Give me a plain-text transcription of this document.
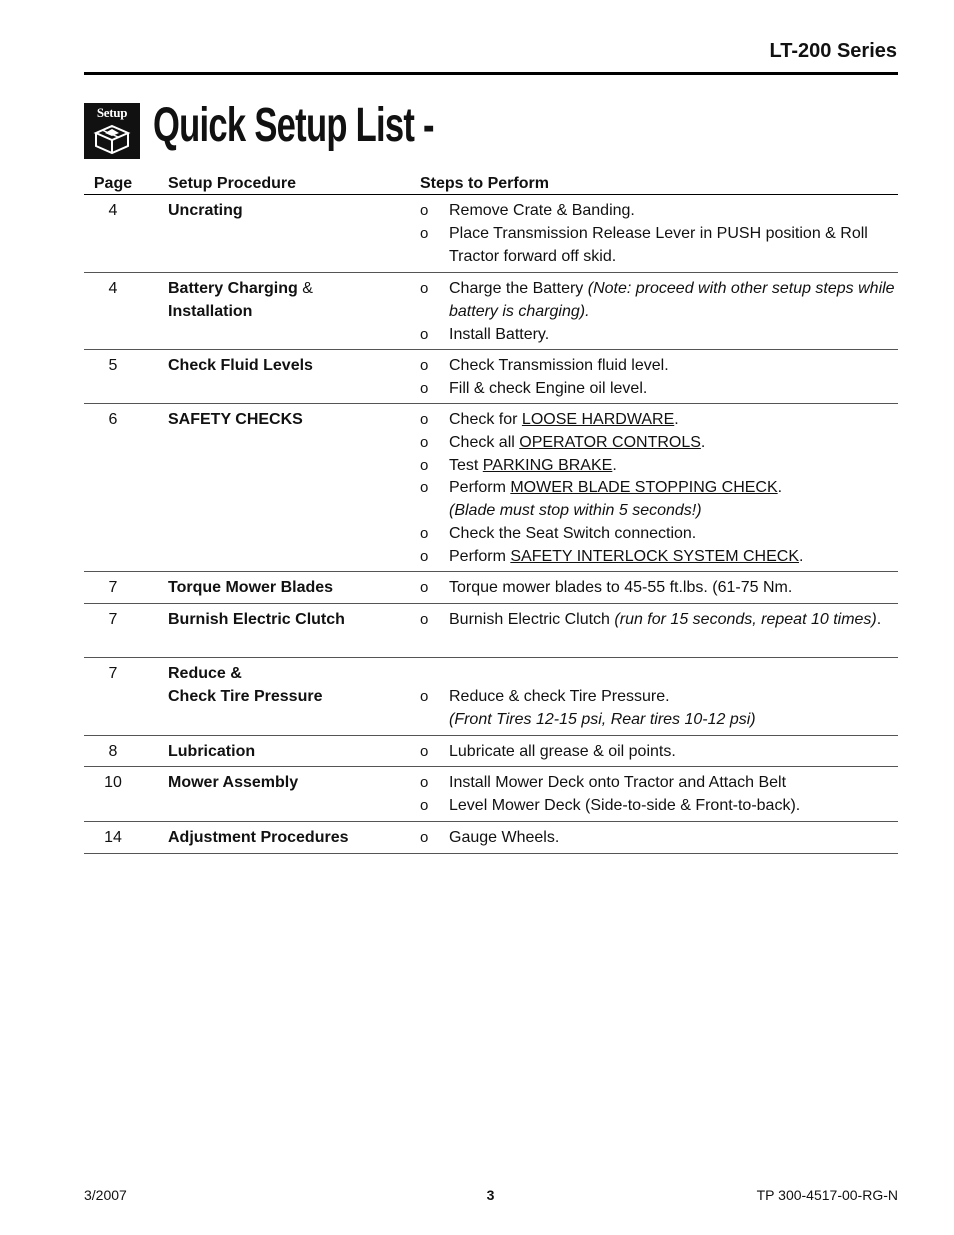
LT-200 Series
Setup Quick Setup List -
Page	Setup Procedure	Steps to Perform
4	Uncrating	o Remove Crate & Banding.
o Place Transmission Release Lever in PUSH position & Roll Tractor forward off skid.
4	Battery Charging &
Installation
o Charge the Battery (Note: proceed with other setup steps while battery is charging).
o Install Battery.
5	Check Fluid Levels	o Check Transmission fluid level.
o Fill & check Engine oil level.
6	SAFETY CHECKS	o Check for LOOSE HARDWARE.
o Check all OPERATOR CONTROLS.
o Test PARKING BRAKE.
o Perform MOWER BLADE STOPPING CHECK.
(Blade must stop within 5 seconds!)
o Check the Seat Switch connection.
o Perform SAFETY INTERLOCK SYSTEM CHECK.
7	Torque Mower Blades	o Torque mower blades to 45-55 ft.lbs. (61-75 Nm.
7	Burnish Electric Clutch	o Burnish Electric Clutch (run for 15 seconds, repeat 10 times).
7	Reduce &
Check Tire Pressure	o Reduce & check Tire Pressure.
(Front Tires 12-15 psi, Rear tires 10-12 psi)
8	Lubrication	o Lubricate all grease & oil points.
10	Mower Assembly	o Install Mower Deck onto Tractor and Attach Belt
o Level Mower Deck (Side-to-side & Front-to-back).
14	Adjustment Procedures	o Gauge Wheels.
3/2007	3	TP 300-4517-00-RG-N
